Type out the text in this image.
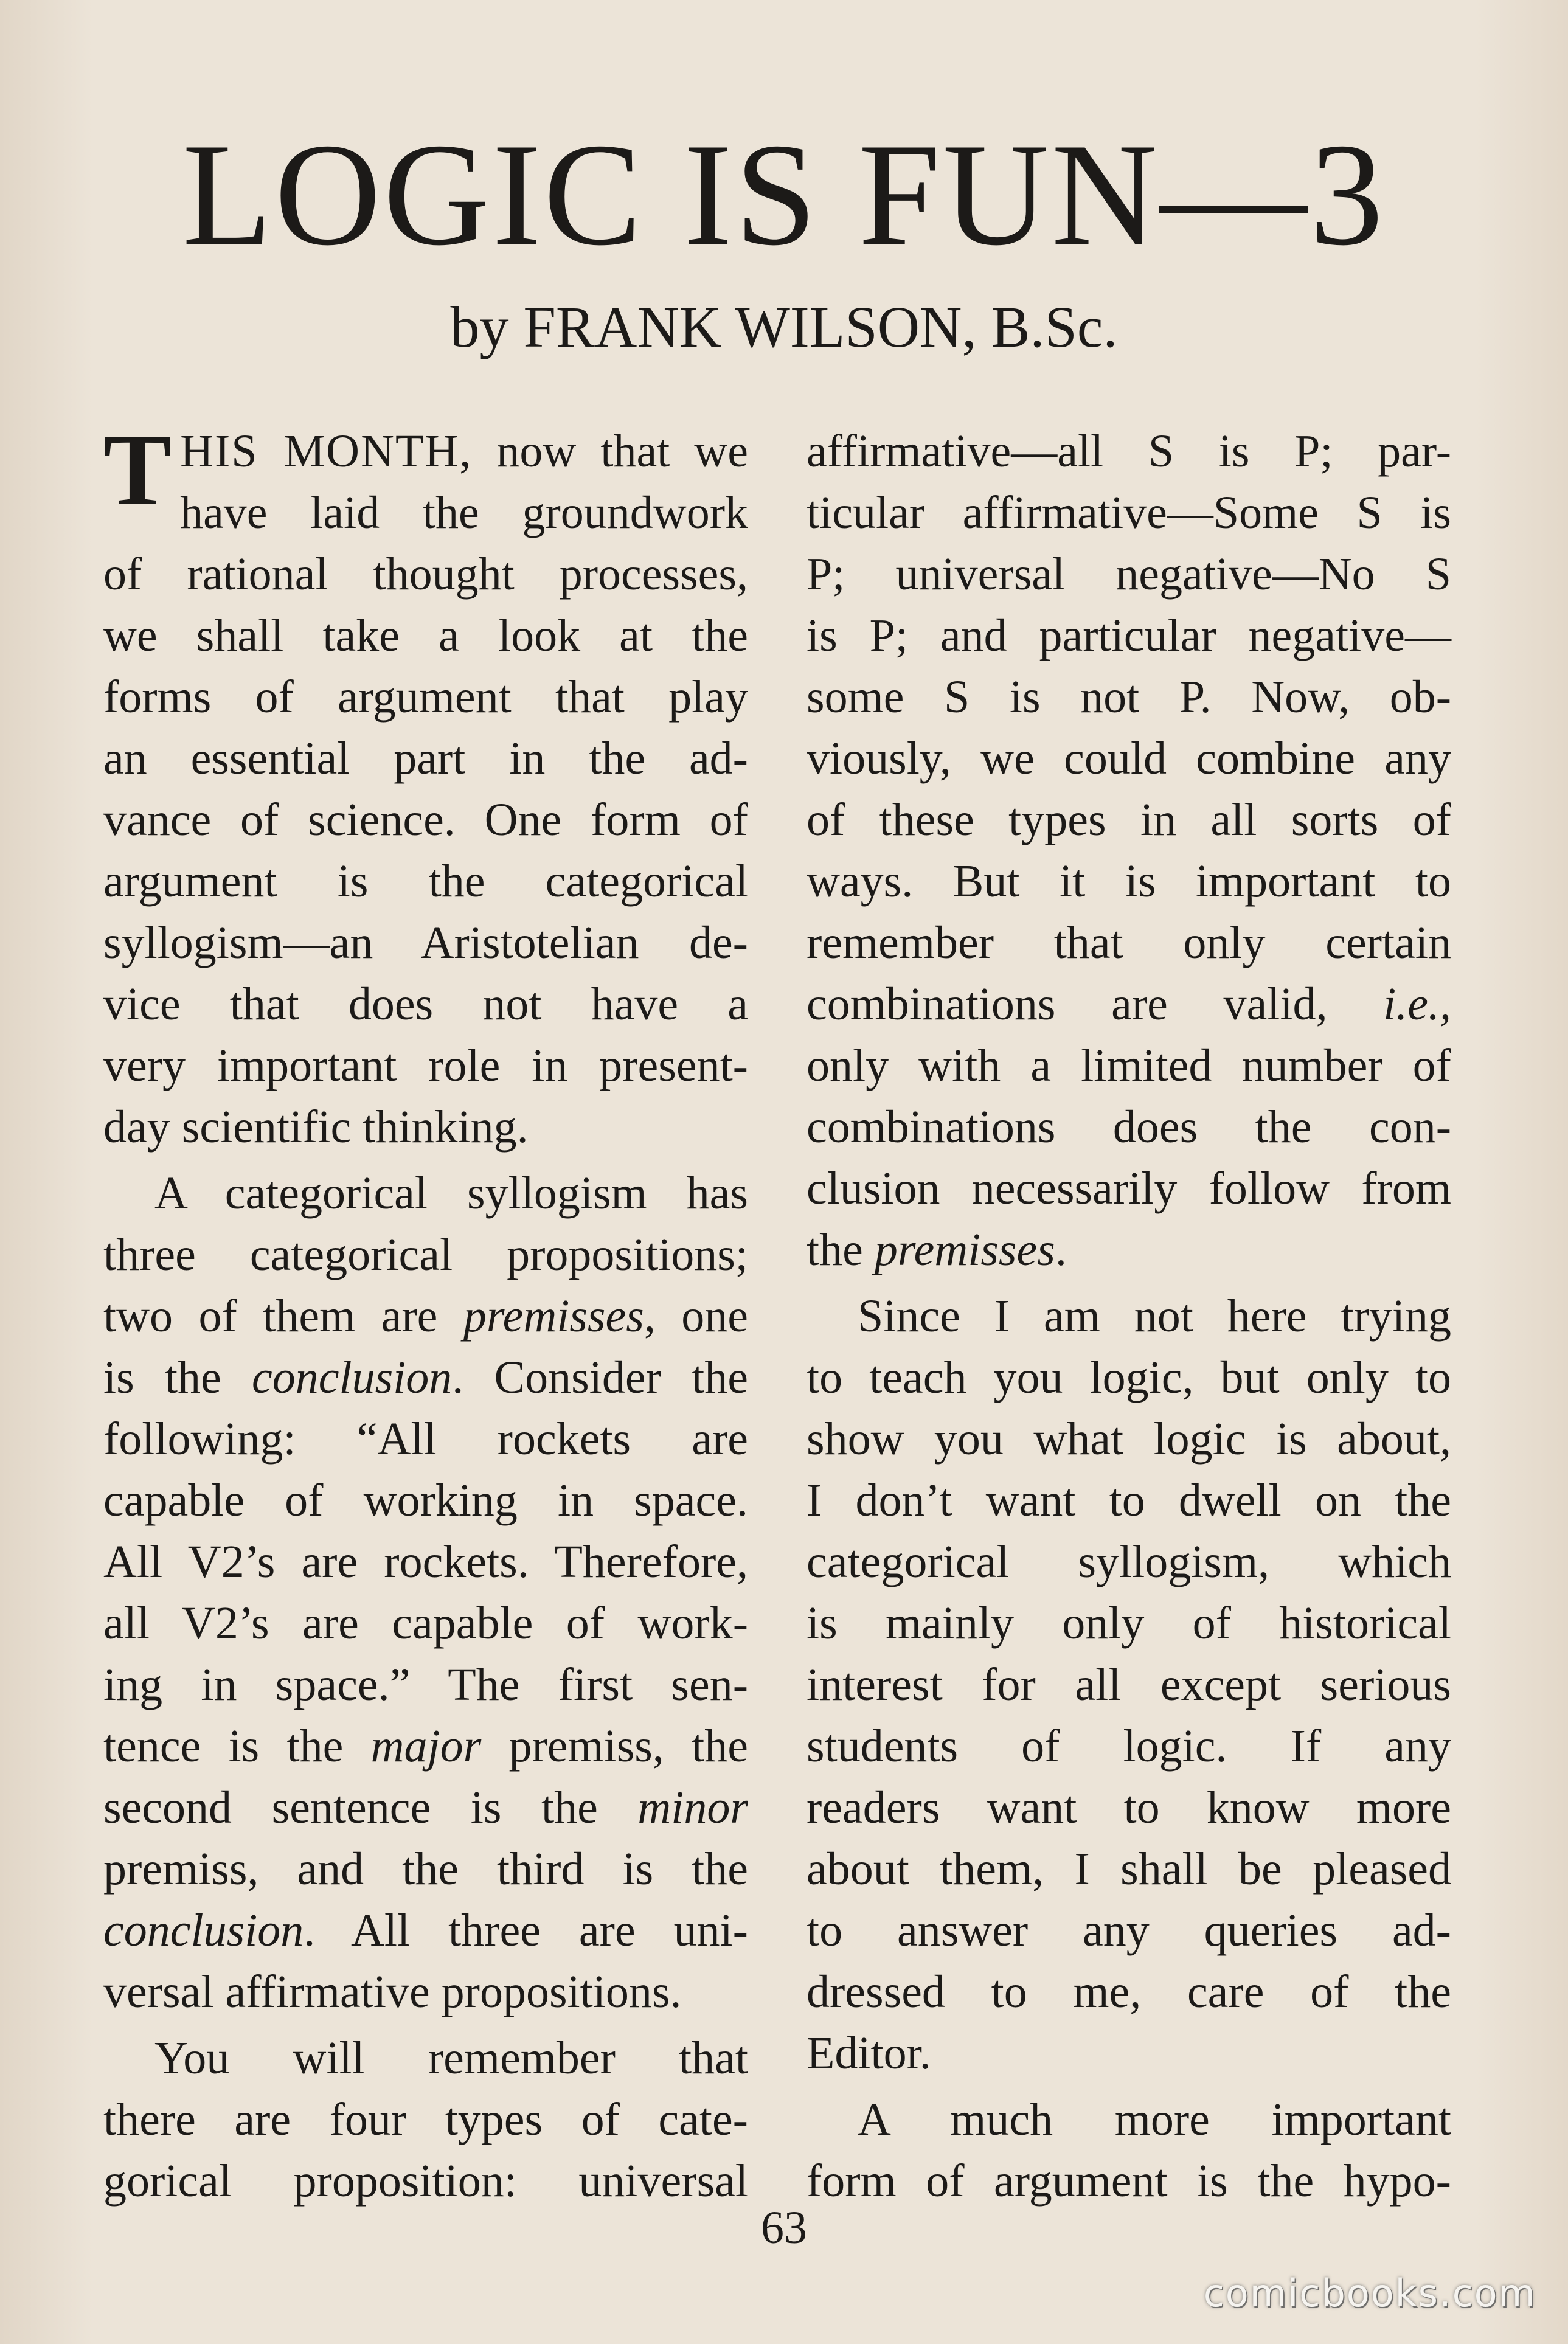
LOGIC IS FUN—3
by FRANK WILSON, B.Sc.
T HIS MONTH, now that we
have laid the groundwork
of rational thought processes,
we shall take a look at the
forms of argument that play
an essential part in the ad-
vance of science. One form of
argument is the categorical
syllogism—an Aristotelian de-
vice that does not have a
very important role in present-
day scientific thinking.
A categorical syllogism has
three categorical propositions;
two of them are premisses, one
is the conclusion. Consider the
following: “All rockets are
capable of working in space.
All V2’s are rockets. Therefore,
all V2’s are capable of work-
ing in space.” The first sen-
tence is the major premiss, the
second sentence is the minor
premiss, and the third is the
conclusion. All three are uni-
versal affirmative propositions.
You will remember that
there are four types of cate-
gorical proposition: universal
affirmative—all S is P; par-
ticular affirmative—Some S is
P; universal negative—No S
is P; and particular negative—
some S is not P. Now, ob-
viously, we could combine any
of these types in all sorts of
ways. But it is important to
remember that only certain
combinations are valid, i.e.,
only with a limited number of
combinations does the con-
clusion necessarily follow from
the premisses.
Since I am not here trying
to teach you logic, but only to
show you what logic is about,
I don’t want to dwell on the
categorical syllogism, which
is mainly only of historical
interest for all except serious
students of logic. If any
readers want to know more
about them, I shall be pleased
to answer any queries ad-
dressed to me, care of the
Editor.
A much more important
form of argument is the hypo-
63
comicbooks.com
